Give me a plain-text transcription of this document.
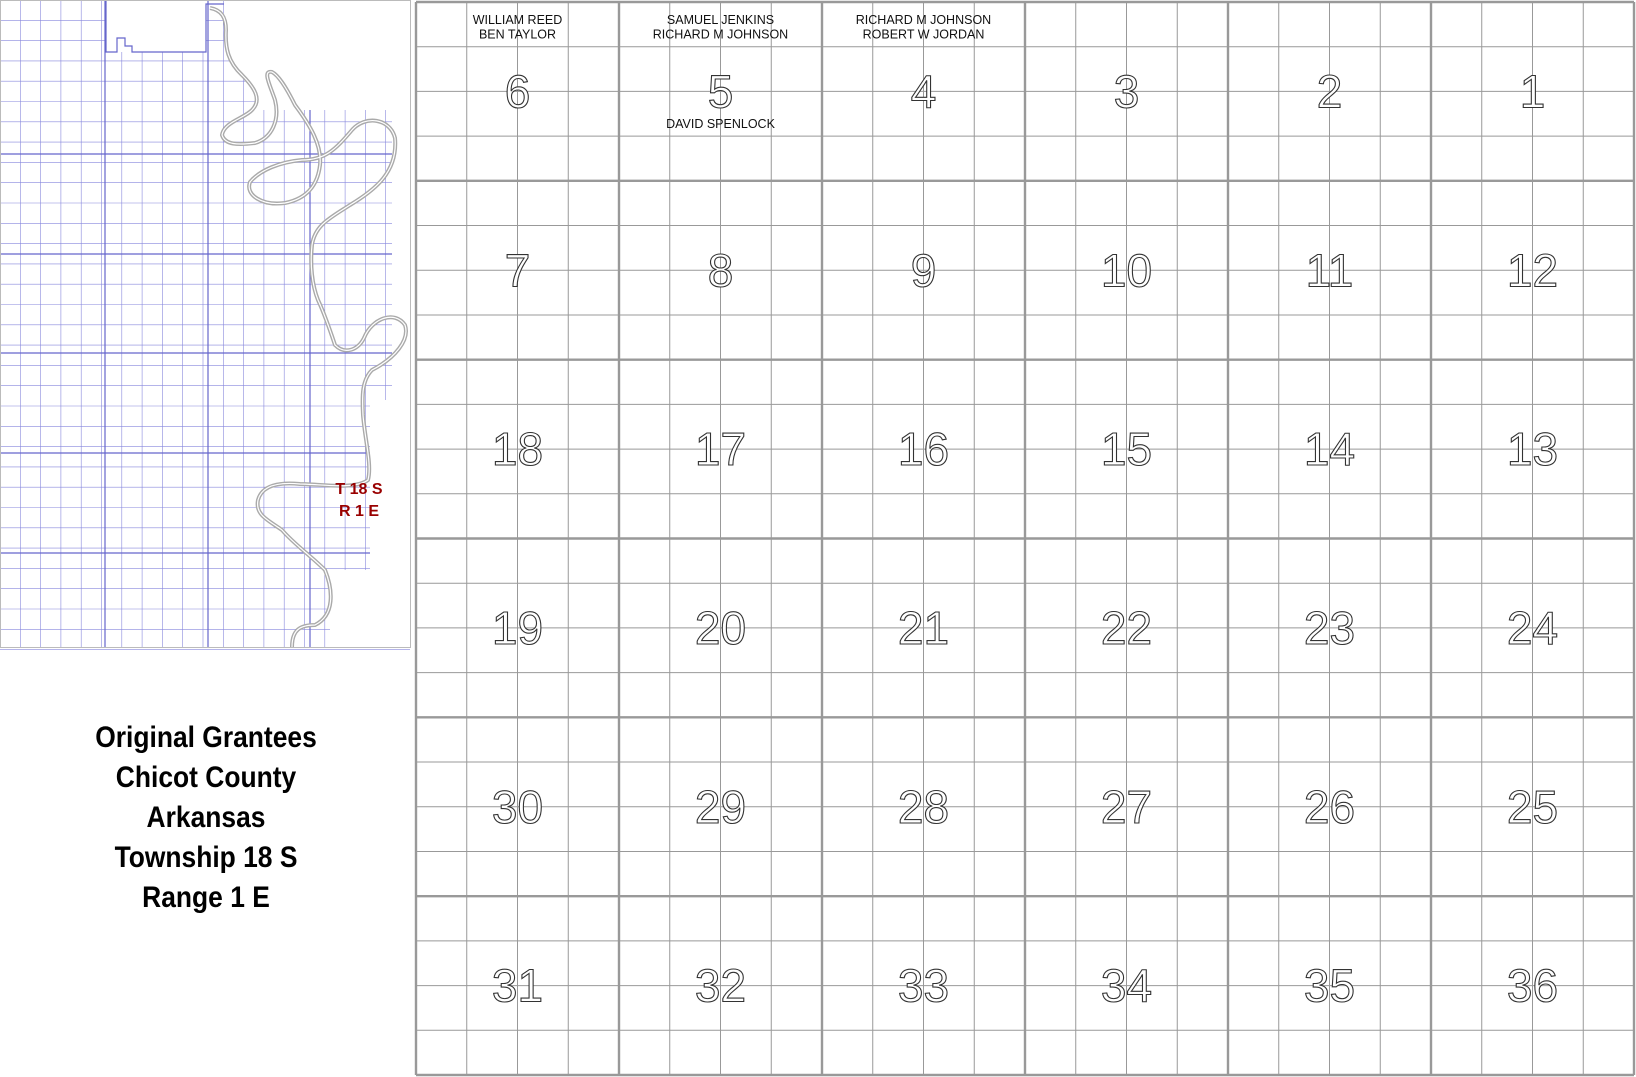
T 18 S
R 1 E
Original Grantees
Chicot County
Arkansas
Township 18 S
Range 1 E
6
WILLIAM REED
BEN TAYLOR
5
SAMUEL JENKINS
RICHARD M JOHNSON
DAVID SPENLOCK
4
RICHARD M JOHNSON
ROBERT W JORDAN
3	2	1
7	8	9	10	11	12
18	17	16	15	14	13
19	20	21	22	23	24
30	29	28	27	26	25
31	32	33	34	35	36
